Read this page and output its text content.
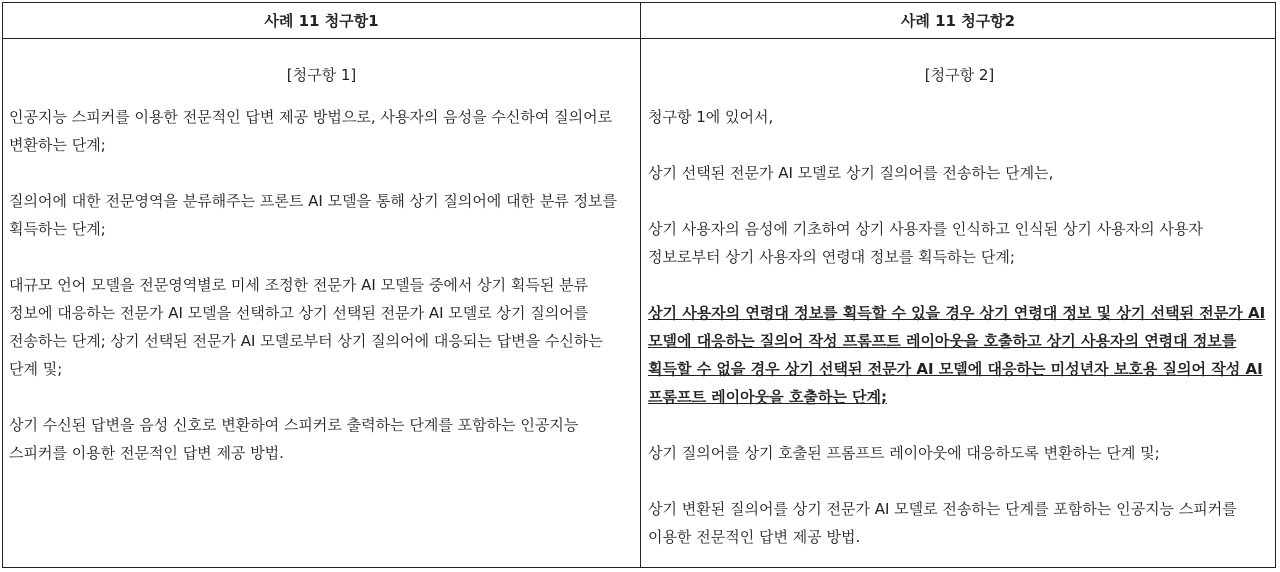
사례 11 청구항1	사례 11 청구항2

[청구항 1]

인공지능 스피커를 이용한 전문적인 답변 제공 방법으로, 사용자의 음성을 수신하여 질의어로 변환하는 단계;

질의어에 대한 전문영역을 분류해주는 프론트 AI 모델을 통해 상기 질의어에 대한 분류 정보를 획득하는 단계;

대규모 언어 모델을 전문영역별로 미세 조정한 전문가 AI 모델들 중에서 상기 획득된 분류 정보에 대응하는 전문가 AI 모델을 선택하고 상기 선택된 전문가 AI 모델로 상기 질의어를 전송하는 단계; 상기 선택된 전문가 AI 모델로부터 상기 질의어에 대응되는 답변을 수신하는 단계 및;

상기 수신된 답변을 음성 신호로 변환하여 스피커로 출력하는 단계를 포함하는 인공지능 스피커를 이용한 전문적인 답변 제공 방법.

[청구항 2]

청구항 1에 있어서,

상기 선택된 전문가 AI 모델로 상기 질의어를 전송하는 단계는,

상기 사용자의 음성에 기초하여 상기 사용자를 인식하고 인식된 상기 사용자의 사용자 정보로부터 상기 사용자의 연령대 정보를 획득하는 단계;

상기 사용자의 연령대 정보를 획득할 수 있을 경우 상기 연령대 정보 및 상기 선택된 전문가 AI 모델에 대응하는 질의어 작성 프롬프트 레이아웃을 호출하고 상기 사용자의 연령대 정보를 획득할 수 없을 경우 상기 선택된 전문가 AI 모델에 대응하는 미성년자 보호용 질의어 작성 AI 프롬프트 레이아웃을 호출하는 단계;

상기 질의어를 상기 호출된 프롬프트 레이아웃에 대응하도록 변환하는 단계 및;

상기 변환된 질의어를 상기 전문가 AI 모델로 전송하는 단계를 포함하는 인공지능 스피커를 이용한 전문적인 답변 제공 방법.
